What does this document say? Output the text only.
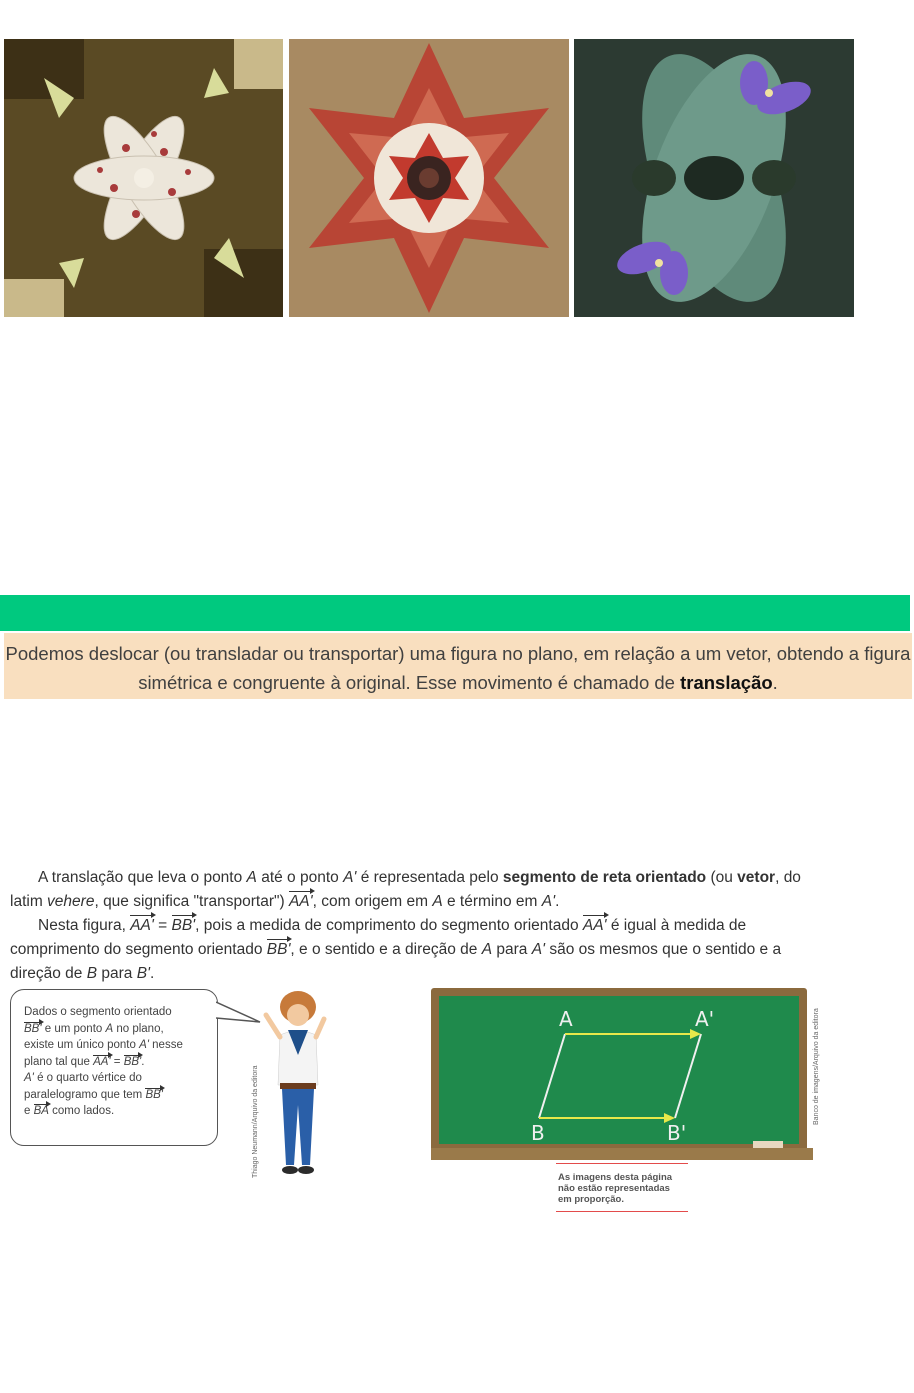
Podemos deslocar (ou transladar ou transportar) uma figura no plano, em relação a um vetor, obtendo a figura simétrica e congruente à original. Esse movimento é chamado de translação.

A translação que leva o ponto A até o ponto A' é representada pelo segmento de reta orientado (ou vetor, do latim vehere, que significa "transportar") AA', com origem em A e término em A'.

Nesta figura, AA' = BB', pois a medida de comprimento do segmento orientado AA' é igual à medida de comprimento do segmento orientado BB', e o sentido e a direção de A para A' são os mesmos que o sentido e a direção de B para B'.

Dados o segmento orientado
BB' e um ponto A no plano,
existe um único ponto A' nesse
plano tal que AA' = BB'.
A' é o quarto vértice do
paralelogramo que tem BB'
e BA como lados.	Thiago Neumann/Arquivo da editora
A	A'
B	B'
Banco de imagens/Arquivo da editora
As imagens desta página
não estão representadas
em proporção.
